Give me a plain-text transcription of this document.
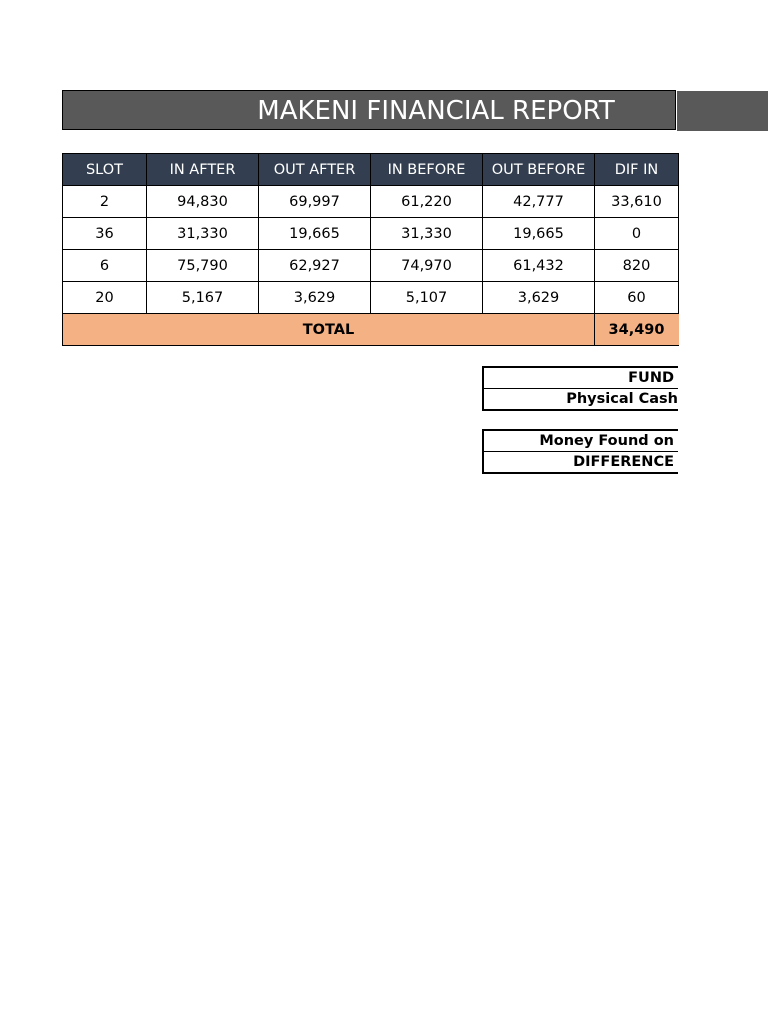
MAKENI FINANCIAL REPORT
SLOT	IN AFTER	OUT AFTER	IN BEFORE	OUT BEFORE	DIF IN
2	94,830	69,997	61,220	42,777	33,610
36	31,330	19,665	31,330	19,665	0
6	75,790	62,927	74,970	61,432	820
20	5,167	3,629	5,107	3,629	60
TOTAL					34,490
FUND
Physical Cash
Money Found on
DIFFERENCE
